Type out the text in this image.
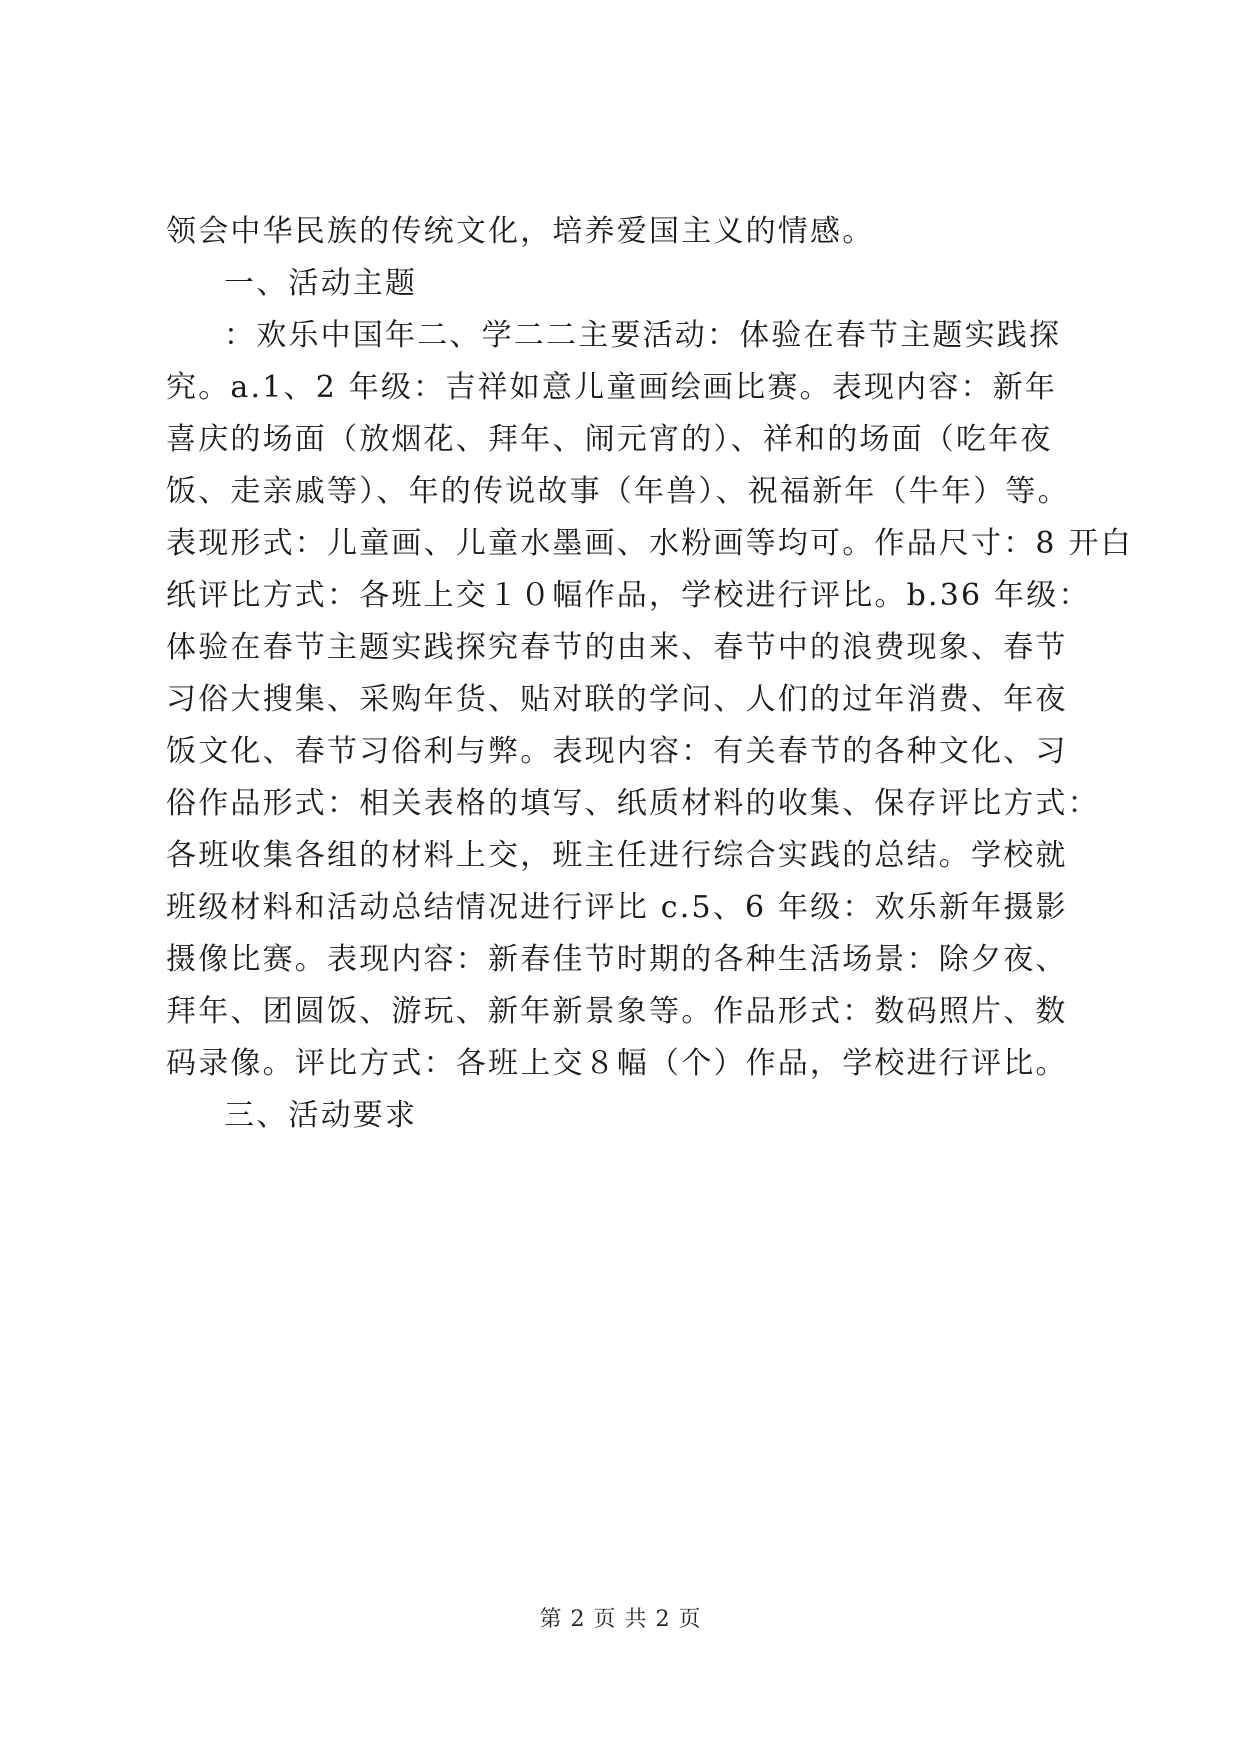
领会中华民族的传统文化，培养爱国主义的情感。
一、活动主题
：欢乐中国年二、学二二主要活动：体验在春节主题实践探
究。a.1、2 年级：吉祥如意儿童画绘画比赛。表现内容：新年
喜庆的场面（放烟花、拜年、闹元宵的）、祥和的场面（吃年夜
饭、走亲戚等）、年的传说故事（年兽）、祝福新年（牛年）等。
表现形式：儿童画、儿童水墨画、水粉画等均可。作品尺寸：8 开白
纸评比方式：各班上交１０幅作品，学校进行评比。b.36 年级：
体验在春节主题实践探究春节的由来、春节中的浪费现象、春节
习俗大搜集、采购年货、贴对联的学问、人们的过年消费、年夜
饭文化、春节习俗利与弊。表现内容：有关春节的各种文化、习
俗作品形式：相关表格的填写、纸质材料的收集、保存评比方式：
各班收集各组的材料上交，班主任进行综合实践的总结。学校就
班级材料和活动总结情况进行评比 c.5、6 年级：欢乐新年摄影
摄像比赛。表现内容：新春佳节时期的各种生活场景：除夕夜、
拜年、团圆饭、游玩、新年新景象等。作品形式：数码照片、数
码录像。评比方式：各班上交８幅（个）作品，学校进行评比。
三、活动要求
第 2 页 共 2 页
